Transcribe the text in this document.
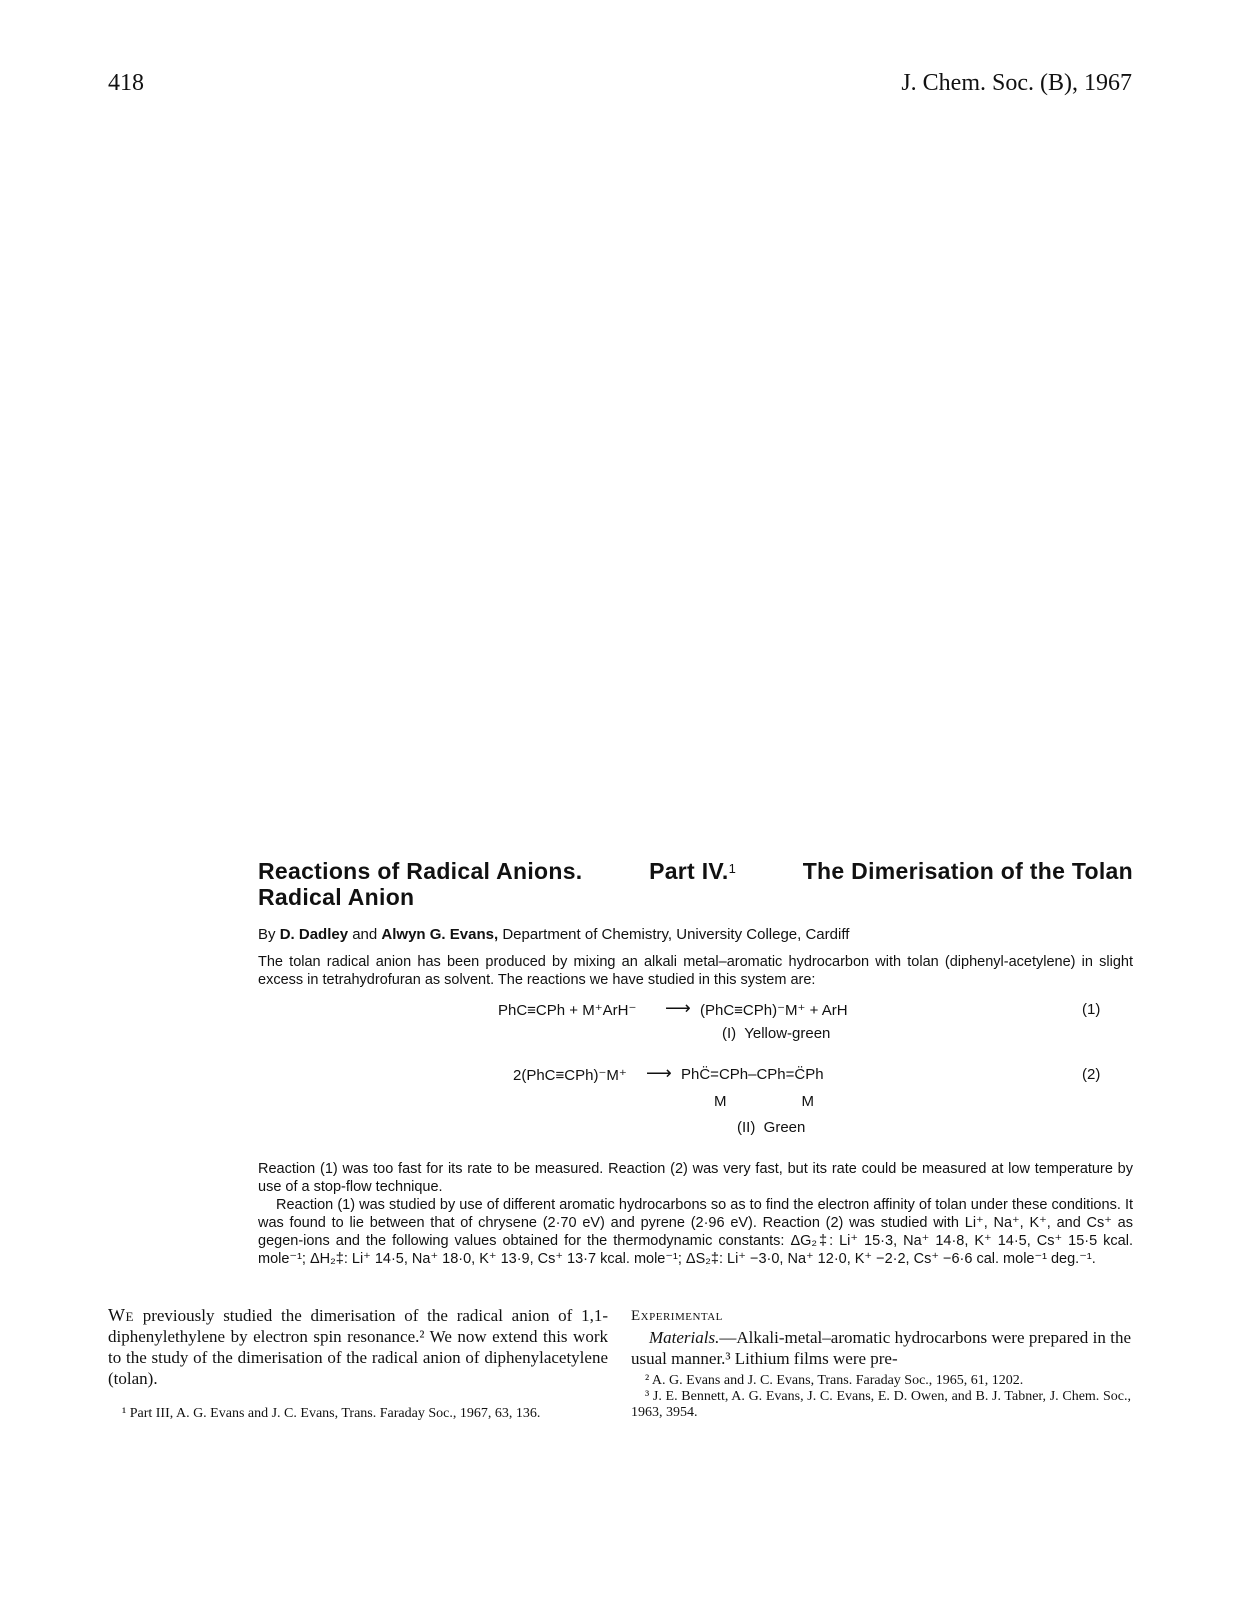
418	J. Chem. Soc. (B), 1967
Reactions of Radical Anions.	Part IV.$^1$	The Dimerisation of the Tolan
Radical Anion
By D. Dadley and Alwyn G. Evans, Department of Chemistry, University College, Cardiff

The tolan radical anion has been produced by mixing an alkali metal–aromatic hydrocarbon with tolan (diphenyl-acetylene) in slight excess in tetrahydrofuran as solvent. The reactions we have studied in this system are:

PhC≡CPh + M⁺ArH⁻ ⟶ (PhC≡CPh)⁻M⁺ + ArH	(1)
(I)  Yellow-green
2(PhC≡CPh)⁻M⁺ ⟶ PhC̈=CPh–CPh=C̈Ph
M                  M
(2)
(II)  Green

Reaction (1) was too fast for its rate to be measured. Reaction (2) was very fast, but its rate could be measured at low temperature by use of a stop-flow technique.

Reaction (1) was studied by use of different aromatic hydrocarbons so as to find the electron affinity of tolan under these conditions. It was found to lie between that of chrysene (2·70 eV) and pyrene (2·96 eV). Reaction (2) was studied with Li⁺, Na⁺, K⁺, and Cs⁺ as gegen-ions and the following values obtained for the thermodynamic constants: ΔG₂‡: Li⁺ 15·3, Na⁺ 14·8, K⁺ 14·5, Cs⁺ 15·5 kcal. mole⁻¹; ΔH₂‡: Li⁺ 14·5, Na⁺ 18·0, K⁺ 13·9, Cs⁺ 13·7 kcal. mole⁻¹; ΔS₂‡: Li⁺ −3·0, Na⁺ 12·0, K⁺ −2·2, Cs⁺ −6·6 cal. mole⁻¹ deg.⁻¹.

We previously studied the dimerisation of the radical anion of 1,1-diphenylethylene by electron spin resonance.² We now extend this work to the study of the dimerisation of the radical anion of diphenylacetylene (tolan).

¹ Part III, A. G. Evans and J. C. Evans, Trans. Faraday Soc., 1967, 63, 136.

Experimental
Materials.—Alkali-metal–aromatic hydrocarbons were prepared in the usual manner.³ Lithium films were pre-

² A. G. Evans and J. C. Evans, Trans. Faraday Soc., 1965, 61, 1202.

³ J. E. Bennett, A. G. Evans, J. C. Evans, E. D. Owen, and B. J. Tabner, J. Chem. Soc., 1963, 3954.
